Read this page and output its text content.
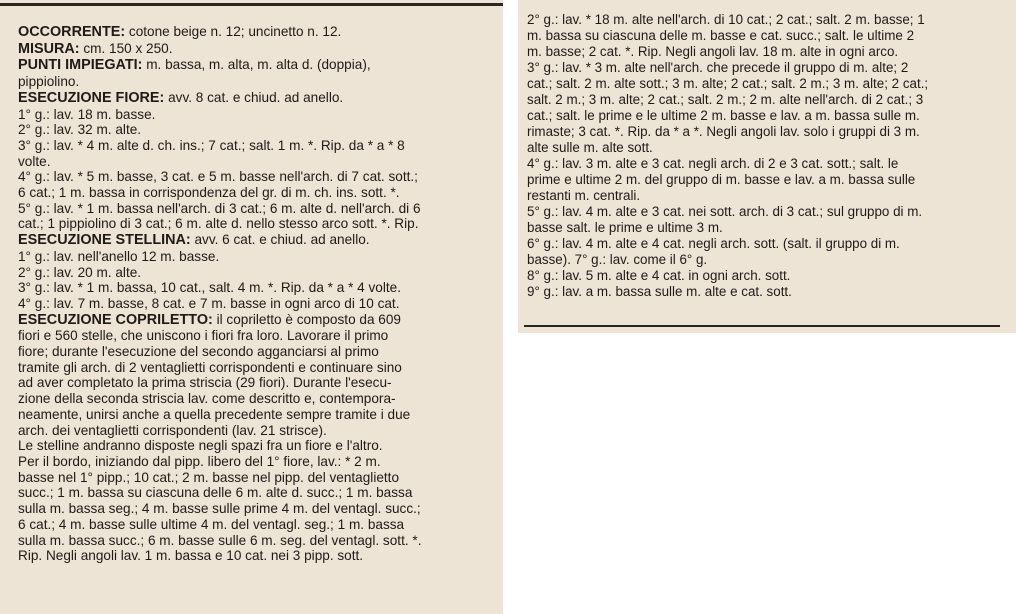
OCCORRENTE: cotone beige n. 12; uncinetto n. 12.

MISURA: cm. 150 x 250.

PUNTI IMPIEGATI: m. bassa, m. alta, m. alta d. (doppia),

pippiolino.

ESECUZIONE FIORE: avv. 8 cat. e chiud. ad anello.

1° g.: lav. 18 m. basse.

2° g.: lav. 32 m. alte.

3° g.: lav. * 4 m. alte d. ch. ins.; 7 cat.; salt. 1 m. *. Rip. da * a * 8

volte.

4° g.: lav. * 5 m. basse, 3 cat. e 5 m. basse nell'arch. di 7 cat. sott.;

6 cat.; 1 m. bassa in corrispondenza del gr. di m. ch. ins. sott. *.

5° g.: lav. * 1 m. bassa nell'arch. di 3 cat.; 6 m. alte d. nell'arch. di 6

cat.; 1 pippiolino di 3 cat.; 6 m. alte d. nello stesso arco sott. *. Rip.

ESECUZIONE STELLINA: avv. 6 cat. e chiud. ad anello.

1° g.: lav. nell'anello 12 m. basse.

2° g.: lav. 20 m. alte.

3° g.: lav. * 1 m. bassa, 10 cat., salt. 4 m. *. Rip. da * a * 4 volte.

4° g.: lav. 7 m. basse, 8 cat. e 7 m. basse in ogni arco di 10 cat.

ESECUZIONE COPRILETTO: il copriletto è composto da 609

fiori e 560 stelle, che uniscono i fiori fra loro. Lavorare il primo

fiore; durante l'esecuzione del secondo agganciarsi al primo

tramite gli arch. di 2 ventaglietti corrispondenti e continuare sino

ad aver completato la prima striscia (29 fiori). Durante l'esecu-

zione della seconda striscia lav. come descritto e, contempora-

neamente, unirsi anche a quella precedente sempre tramite i due

arch. dei ventaglietti corrispondenti (lav. 21 strisce).

Le stelline andranno disposte negli spazi fra un fiore e l'altro.

Per il bordo, iniziando dal pipp. libero del 1° fiore, lav.: * 2 m.

basse nel 1° pipp.; 10 cat.; 2 m. basse nel pipp. del ventaglietto

succ.; 1 m. bassa su ciascuna delle 6 m. alte d. succ.; 1 m. bassa

sulla m. bassa seg.; 4 m. basse sulle prime 4 m. del ventagl. succ.;

6 cat.; 4 m. basse sulle ultime 4 m. del ventagl. seg.; 1 m. bassa

sulla m. bassa succ.; 6 m. basse sulle 6 m. seg. del ventagl. sott. *.

Rip. Negli angoli lav. 1 m. bassa e 10 cat. nei 3 pipp. sott.

2° g.: lav. * 18 m. alte nell'arch. di 10 cat.; 2 cat.; salt. 2 m. basse; 1

m. bassa su ciascuna delle m. basse e cat. succ.; salt. le ultime 2

m. basse; 2 cat. *. Rip. Negli angoli lav. 18 m. alte in ogni arco.

3° g.: lav. * 3 m. alte nell'arch. che precede il gruppo di m. alte; 2

cat.; salt. 2 m. alte sott.; 3 m. alte; 2 cat.; salt. 2 m.; 3 m. alte; 2 cat.;

salt. 2 m.; 3 m. alte; 2 cat.; salt. 2 m.; 2 m. alte nell'arch. di 2 cat.; 3

cat.; salt. le prime e le ultime 2 m. basse e lav. a m. bassa sulle m.

rimaste; 3 cat. *. Rip. da * a *. Negli angoli lav. solo i gruppi di 3 m.

alte sulle m. alte sott.

4° g.: lav. 3 m. alte e 3 cat. negli arch. di 2 e 3 cat. sott.; salt. le

prime e ultime 2 m. del gruppo di m. basse e lav. a m. bassa sulle

restanti m. centrali.

5° g.: lav. 4 m. alte e 3 cat. nei sott. arch. di 3 cat.; sul gruppo di m.

basse salt. le prime e ultime 3 m.

6° g.: lav. 4 m. alte e 4 cat. negli arch. sott. (salt. il gruppo di m.

basse). 7° g.: lav. come il 6° g.

8° g.: lav. 5 m. alte e 4 cat. in ogni arch. sott.

9° g.: lav. a m. bassa sulle m. alte e cat. sott.
